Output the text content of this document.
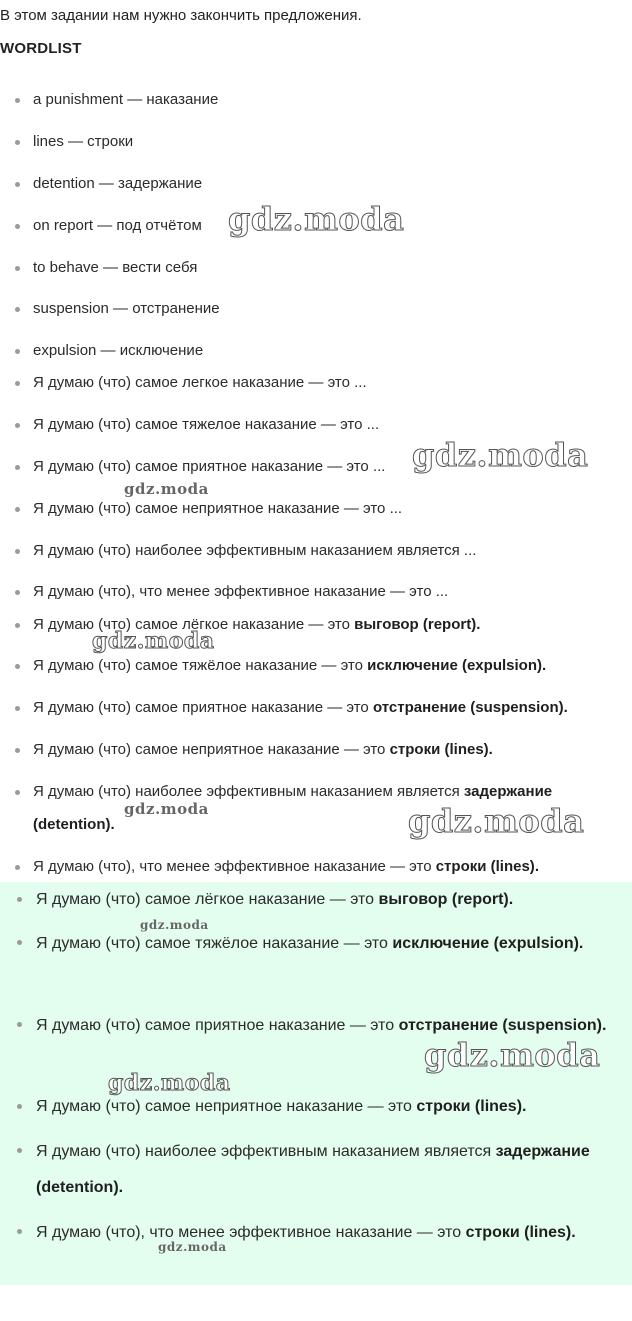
В этом задании нам нужно закончить предложения.
WORDLIST
a punishment — наказание
lines — строки
detention — задержание
on report — под отчётом
to behave — вести себя
suspension — отстранение
expulsion — исключение
Я думаю (что) самое легкое наказание — это ...
Я думаю (что) самое тяжелое наказание — это ...
Я думаю (что) самое приятное наказание — это ...
Я думаю (что) самое неприятное наказание — это ...
Я думаю (что) наиболее эффективным наказанием является ...
Я думаю (что), что менее эффективное наказание — это ...
Я думаю (что) самое лёгкое наказание — это выговор (report).
Я думаю (что) самое тяжёлое наказание — это исключение (expulsion).
Я думаю (что) самое приятное наказание — это отстранение (suspension).
Я думаю (что) самое неприятное наказание — это строки (lines).
Я думаю (что) наиболее эффективным наказанием является задержание (detention).
Я думаю (что), что менее эффективное наказание — это строки (lines).
Я думаю (что) самое лёгкое наказание — это выговор (report).
Я думаю (что) самое тяжёлое наказание — это исключение (expulsion).
Я думаю (что) самое приятное наказание — это отстранение (suspension).
Я думаю (что) самое неприятное наказание — это строки (lines).
Я думаю (что) наиболее эффективным наказанием является задержание (detention).
Я думаю (что), что менее эффективное наказание — это строки (lines).
gdz.moda
gdz.moda
gdz.moda
gdz.moda
gdz.moda	gdz.moda
gdz.moda
gdz.moda
gdz.moda
gdz.moda
